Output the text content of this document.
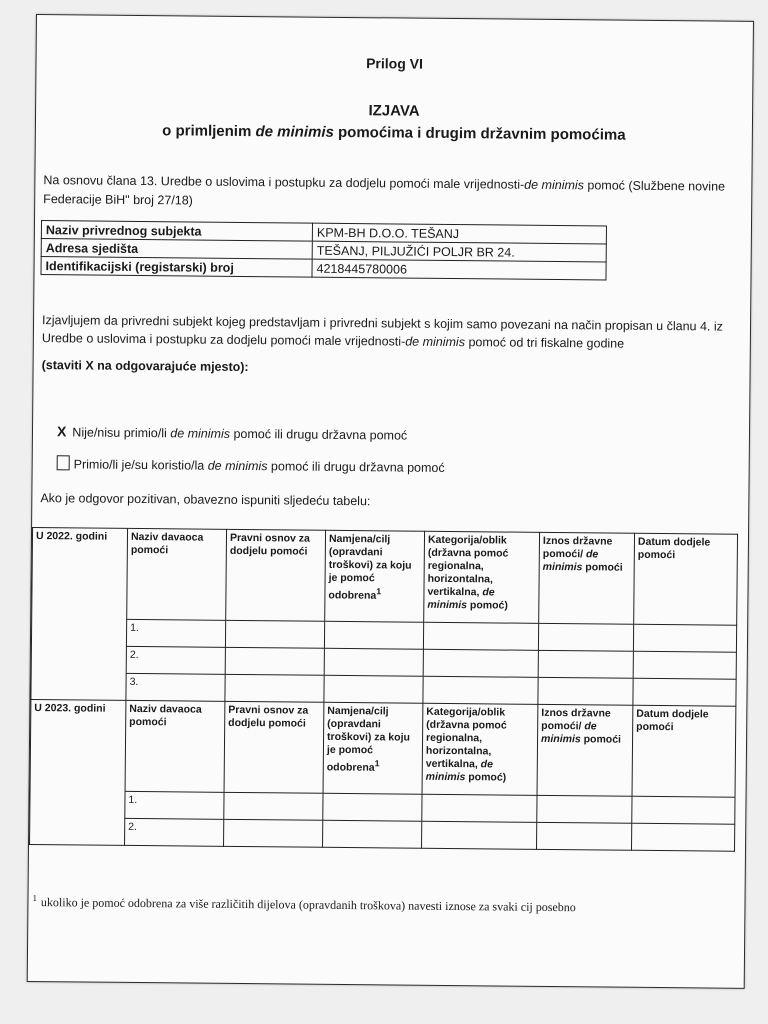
Prilog VI
IZJAVA
o primljenim de minimis pomoćima i drugim državnim pomoćima
Na osnovu člana 13. Uredbe o uslovima i postupku za dodjelu pomoći male vrijednosti-de minimis pomoć (Službene novine Federacije BiH" broj 27/18)
Naziv privrednog subjekta	KPM-BH D.O.O. TEŠANJ
Adresa sjedišta	TEŠANJ, PILJUŽIĆI POLJR BR 24.
Identifikacijski (registarski) broj	4218445780006
Izjavljujem da privredni subjekt kojeg predstavljam i privredni subjekt s kojim samo povezani na način propisan u članu 4. iz Uredbe o uslovima i postupku za dodjelu pomoći male vrijednosti-de minimis pomoć od tri fiskalne godine
(staviti X na odgovarajuće mjesto):
X Nije/nisu primio/li de minimis pomoć ili drugu državna pomoć
Primio/li je/su koristio/la de minimis pomoć ili drugu državna pomoć
Ako je odgovor pozitivan, obavezno ispuniti sljedeću tabelu:
U 2022. godini	Naziv davaoca pomoći	Pravni osnov za dodjelu pomoći	Namjena/cilj (opravdani troškovi) za koju je pomoć odobrena$^1$	Kategorija/oblik (državna pomoć regionalna, horizontalna, vertikalna, de minimis pomoć)	Iznos državne pomoći/ de minimis pomoći	Datum dodjele pomoći
	1.					
	2.					
	3.					
U 2023. godini	Naziv davaoca pomoći	Pravni osnov za dodjelu pomoći	Namjena/cilj (opravdani troškovi) za koju je pomoć odobrena$^1$	Kategorija/oblik (državna pomoć regionalna, horizontalna, vertikalna, de minimis pomoć)	Iznos državne pomoći/ de minimis pomoći	Datum dodjele pomoći
	1.					
	2.					
$^1$ ukoliko je pomoć odobrena za više različitih dijelova (opravdanih troškova) navesti iznose za svaki cij posebno
